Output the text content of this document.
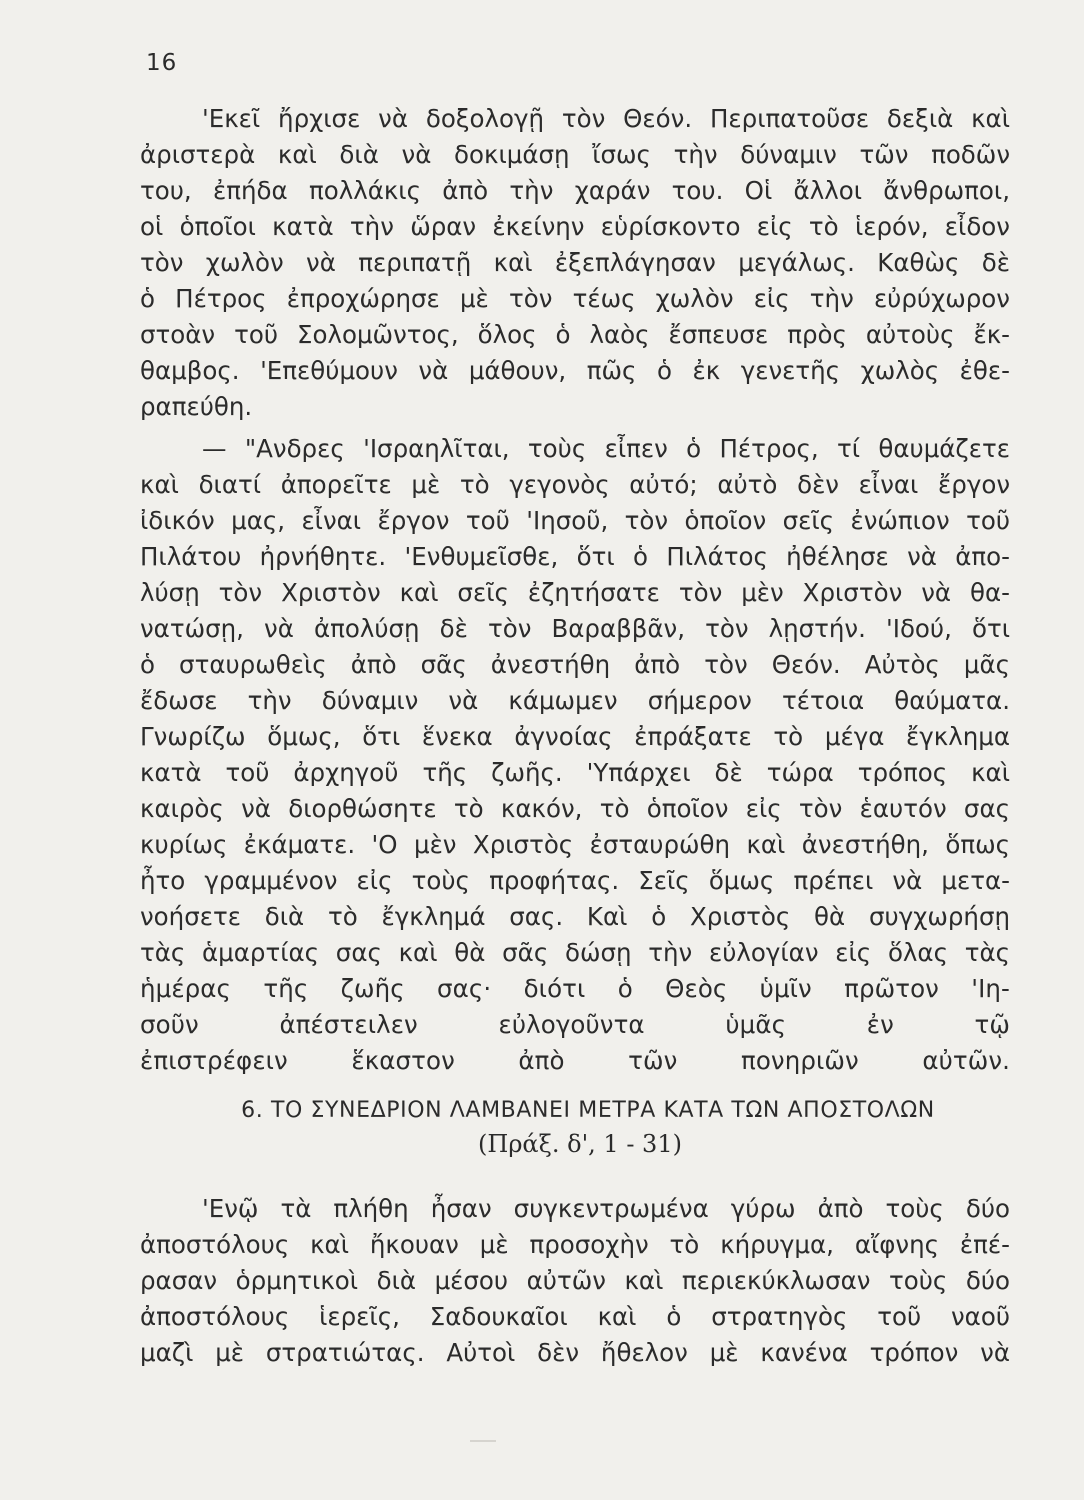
16
'Εκεῖ ἤρχισε νὰ δοξολογῇ τὸν Θεόν. Περιπατοῦσε δεξιὰ καὶ
ἀριστερὰ καὶ διὰ νὰ δοκιμάσῃ ἴσως τὴν δύναμιν τῶν ποδῶν
του, ἐπήδα πολλάκις ἀπὸ τὴν χαράν του. Οἱ ἄλλοι ἄνθρωποι,
οἱ ὁποῖοι κατὰ τὴν ὥραν ἐκείνην εὑρίσκοντο εἰς τὸ ἱερόν, εἶδον
τὸν χωλὸν νὰ περιπατῇ καὶ ἐξεπλάγησαν μεγάλως. Καθὼς δὲ
ὁ Πέτρος ἐπροχώρησε μὲ τὸν τέως χωλὸν εἰς τὴν εὐρύχωρον
στοὰν τοῦ Σολομῶντος, ὅλος ὁ λαὸς ἔσπευσε πρὸς αὐτοὺς ἔκ-
θαμβος. 'Επεθύμουν νὰ μάθουν, πῶς ὁ ἐκ γενετῆς χωλὸς ἐθε-
ραπεύθη.
— "Ανδρες 'Ισραηλῖται, τοὺς εἶπεν ὁ Πέτρος, τί θαυμάζετε
καὶ διατί ἀπορεῖτε μὲ τὸ γεγονὸς αὐτό; αὐτὸ δὲν εἶναι ἔργον
ἰδικόν μας, εἶναι ἔργον τοῦ 'Ιησοῦ, τὸν ὁποῖον σεῖς ἐνώπιον τοῦ
Πιλάτου ἠρνήθητε. 'Ενθυμεῖσθε, ὅτι ὁ Πιλάτος ἠθέλησε νὰ ἀπο-
λύσῃ τὸν Χριστὸν καὶ σεῖς ἐζητήσατε τὸν μὲν Χριστὸν νὰ θα-
νατώσῃ, νὰ ἀπολύσῃ δὲ τὸν Βαραββᾶν, τὸν λῃστήν. 'Ιδού, ὅτι
ὁ σταυρωθεὶς ἀπὸ σᾶς ἀνεστήθη ἀπὸ τὸν Θεόν. Αὐτὸς μᾶς
ἔδωσε τὴν δύναμιν νὰ κάμωμεν σήμερον τέτοια θαύματα.
Γνωρίζω ὅμως, ὅτι ἕνεκα ἀγνοίας ἐπράξατε τὸ μέγα ἔγκλημα
κατὰ τοῦ ἀρχηγοῦ τῆς ζωῆς. 'Υπάρχει δὲ τώρα τρόπος καὶ
καιρὸς νὰ διορθώσητε τὸ κακόν, τὸ ὁποῖον εἰς τὸν ἑαυτόν σας
κυρίως ἐκάματε. 'Ο μὲν Χριστὸς ἐσταυρώθη καὶ ἀνεστήθη, ὅπως
ἦτο γραμμένον εἰς τοὺς προφήτας. Σεῖς ὅμως πρέπει νὰ μετα-
νοήσετε διὰ τὸ ἔγκλημά σας. Καὶ ὁ Χριστὸς θὰ συγχωρήσῃ
τὰς ἁμαρτίας σας καὶ θὰ σᾶς δώσῃ τὴν εὐλογίαν εἰς ὅλας τὰς
ἡμέρας τῆς ζωῆς σας· διότι ὁ Θεὸς ὑμῖν πρῶτον 'Ιη-
σοῦν ἀπέστειλεν εὐλογοῦντα ὑμᾶς ἐν τῷ
ἐπιστρέφειν ἕκαστον ἀπὸ τῶν πονηριῶν αὐτῶν.
6. ΤΟ ΣΥΝΕΔΡΙΟΝ ΛΑΜΒΑΝΕΙ ΜΕΤΡΑ ΚΑΤΑ ΤΩΝ ΑΠΟΣΤΟΛΩΝ
(Πράξ. δ', 1 - 31)
'Ενῷ τὰ πλήθη ἦσαν συγκεντρωμένα γύρω ἀπὸ τοὺς δύο
ἀποστόλους καὶ ἤκουαν μὲ προσοχὴν τὸ κήρυγμα, αἴφνης ἐπέ-
ρασαν ὁρμητικοὶ διὰ μέσου αὐτῶν καὶ περιεκύκλωσαν τοὺς δύο
ἀποστόλους ἱερεῖς, Σαδουκαῖοι καὶ ὁ στρατηγὸς τοῦ ναοῦ
μαζὶ μὲ στρατιώτας. Αὐτοὶ δὲν ἤθελον μὲ κανένα τρόπον νὰ
